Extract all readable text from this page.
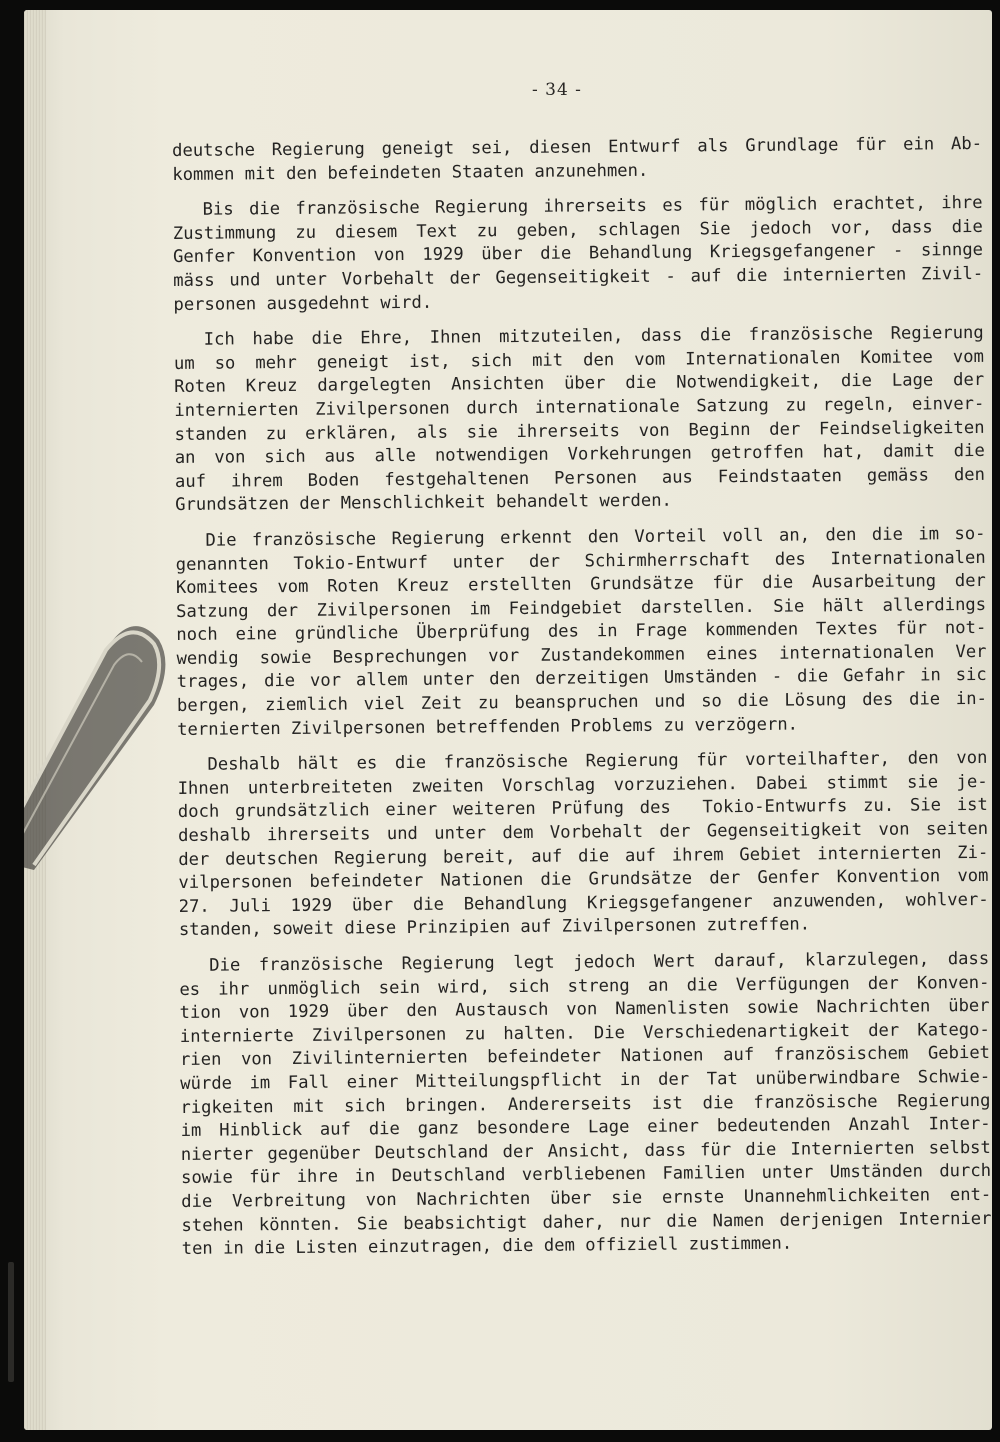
- 34 -
deutsche Regierung geneigt sei, diesen Entwurf als Grundlage für ein Ab-
kommen mit den befeindeten Staaten anzunehmen.
Bis die französische Regierung ihrerseits es für möglich erachtet, ihre
Zustimmung zu diesem Text zu geben, schlagen Sie jedoch vor, dass die
Genfer Konvention von 1929 über die Behandlung Kriegsgefangener - sinnge
mäss und unter Vorbehalt der Gegenseitigkeit - auf die internierten Zivil-
personen ausgedehnt wird.
Ich habe die Ehre, Ihnen mitzuteilen, dass die französische Regierung
um so mehr geneigt ist, sich mit den vom Internationalen Komitee vom
Roten Kreuz dargelegten Ansichten über die Notwendigkeit, die Lage der
internierten Zivilpersonen durch internationale Satzung zu regeln, einver-
standen zu erklären, als sie ihrerseits von Beginn der Feindseligkeiten
an von sich aus alle notwendigen Vorkehrungen getroffen hat, damit die
auf ihrem Boden festgehaltenen Personen aus Feindstaaten gemäss den
Grundsätzen der Menschlichkeit behandelt werden.
Die französische Regierung erkennt den Vorteil voll an, den die im so-
genannten Tokio-Entwurf unter der Schirmherrschaft des Internationalen
Komitees vom Roten Kreuz erstellten Grundsätze für die Ausarbeitung der
Satzung der Zivilpersonen im Feindgebiet darstellen. Sie hält allerdings
noch eine gründliche Überprüfung des in Frage kommenden Textes für not-
wendig sowie Besprechungen vor Zustandekommen eines internationalen Ver
trages, die vor allem unter den derzeitigen Umständen - die Gefahr in sic
bergen, ziemlich viel Zeit zu beanspruchen und so die Lösung des die in-
ternierten Zivilpersonen betreffenden Problems zu verzögern.
Deshalb hält es die französische Regierung für vorteilhafter, den von
Ihnen unterbreiteten zweiten Vorschlag vorzuziehen. Dabei stimmt sie je-
doch grundsätzlich einer weiteren Prüfung des  Tokio-Entwurfs zu. Sie ist
deshalb ihrerseits und unter dem Vorbehalt der Gegenseitigkeit von seiten
der deutschen Regierung bereit, auf die auf ihrem Gebiet internierten Zi-
vilpersonen befeindeter Nationen die Grundsätze der Genfer Konvention vom
27. Juli 1929 über die Behandlung Kriegsgefangener anzuwenden, wohlver-
standen, soweit diese Prinzipien auf Zivilpersonen zutreffen.
Die französische Regierung legt jedoch Wert darauf, klarzulegen, dass
es ihr unmöglich sein wird, sich streng an die Verfügungen der Konven-
tion von 1929 über den Austausch von Namenlisten sowie Nachrichten über
internierte Zivilpersonen zu halten. Die Verschiedenartigkeit der Katego-
rien von Zivilinternierten befeindeter Nationen auf französischem Gebiet
würde im Fall einer Mitteilungspflicht in der Tat unüberwindbare Schwie-
rigkeiten mit sich bringen. Andererseits ist die französische Regierung
im Hinblick auf die ganz besondere Lage einer bedeutenden Anzahl Inter-
nierter gegenüber Deutschland der Ansicht, dass für die Internierten selbst
sowie für ihre in Deutschland verbliebenen Familien unter Umständen durch
die Verbreitung von Nachrichten über sie ernste Unannehmlichkeiten ent-
stehen könnten. Sie beabsichtigt daher, nur die Namen derjenigen Internier
ten in die Listen einzutragen, die dem offiziell zustimmen.
